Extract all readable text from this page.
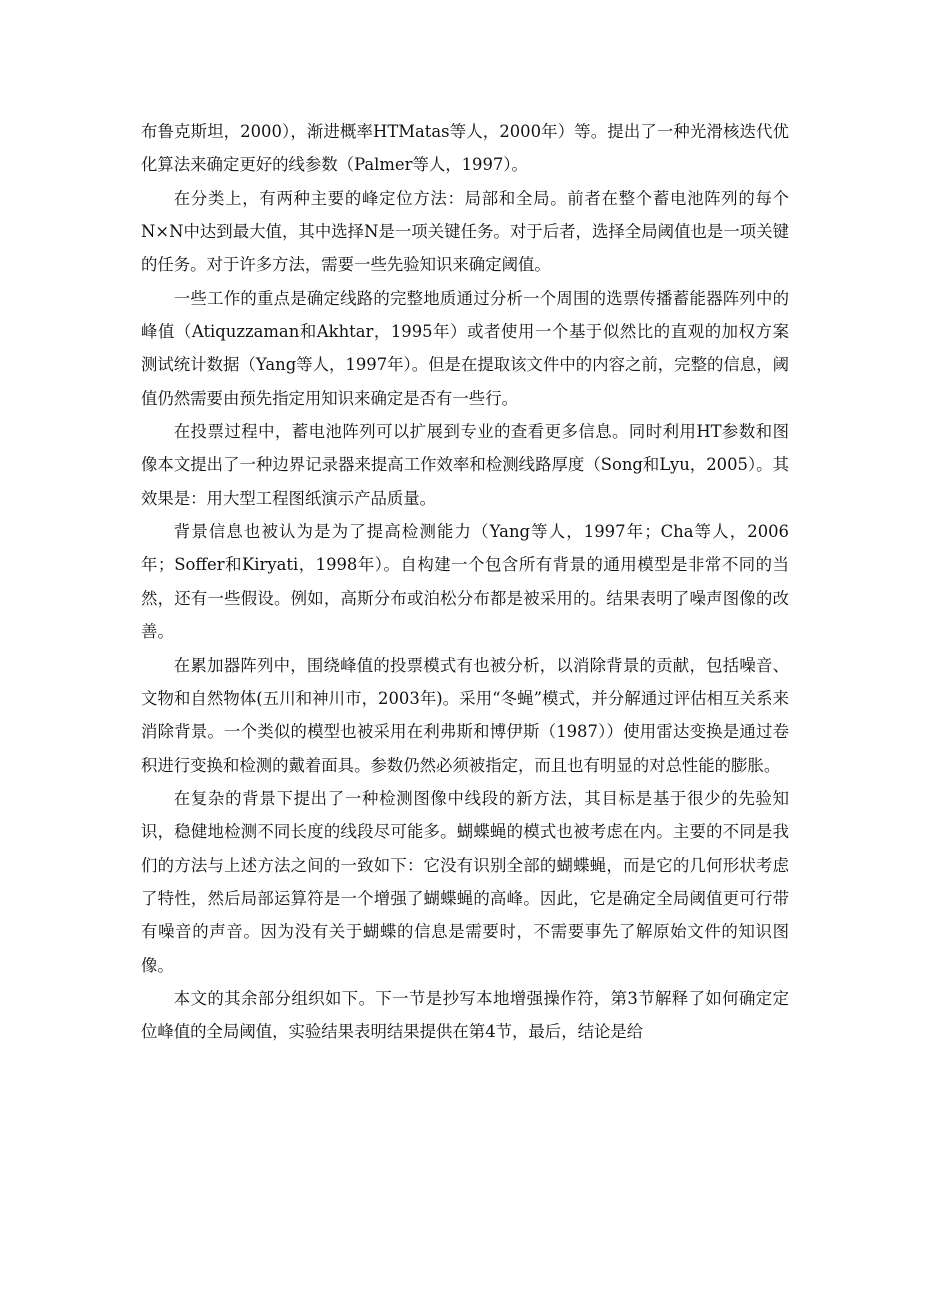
布鲁克斯坦，2000），渐进概率HTMatas等人，2000年）等。提出了一种光滑核迭代优化算法来确定更好的线参数（Palmer等人，1997）。

在分类上，有两种主要的峰定位方法：局部和全局。前者在整个蓄电池阵列的每个N×N中达到最大值，其中选择N是一项关键任务。对于后者，选择全局阈值也是一项关键的任务。对于许多方法，需要一些先验知识来确定阈值。

一些工作的重点是确定线路的完整地质通过分析一个周围的选票传播蓄能器阵列中的峰值（Atiquzzaman和Akhtar，1995年）或者使用一个基于似然比的直观的加权方案测试统计数据（Yang等人，1997年）。但是在提取该文件中的内容之前，完整的信息，阈值仍然需要由预先指定用知识来确定是否有一些行。

在投票过程中，蓄电池阵列可以扩展到专业的查看更多信息。同时利用HT参数和图像本文提出了一种边界记录器来提高工作效率和检测线路厚度（Song和Lyu，2005）。其效果是：用大型工程图纸演示产品质量。

背景信息也被认为是为了提高检测能力（Yang等人，1997年；Cha等人，2006年；Soffer和Kiryati，1998年）。自构建一个包含所有背景的通用模型是非常不同的当然，还有一些假设。例如，高斯分布或泊松分布都是被采用的。结果表明了噪声图像的改善。

在累加器阵列中，围绕峰值的投票模式有也被分析，以消除背景的贡献，包括噪音、文物和自然物体(五川和神川市，2003年)。采用“冬蝇”模式，并分解通过评估相互关系来消除背景。一个类似的模型也被采用在利弗斯和博伊斯（1987））使用雷达变换是通过卷积进行变换和检测的戴着面具。参数仍然必须被指定，而且也有明显的对总性能的膨胀。

在复杂的背景下提出了一种检测图像中线段的新方法，其目标是基于很少的先验知识，稳健地检测不同长度的线段尽可能多。蝴蝶蝇的模式也被考虑在内。主要的不同是我们的方法与上述方法之间的一致如下：它没有识别全部的蝴蝶蝇，而是它的几何形状考虑了特性，然后局部运算符是一个增强了蝴蝶蝇的高峰。因此，它是确定全局阈值更可行带有噪音的声音。因为没有关于蝴蝶的信息是需要时，不需要事先了解原始文件的知识图像。

本文的其余部分组织如下。下一节是抄写本地增强操作符，第3节解释了如何确定定位峰值的全局阈值，实验结果表明结果提供在第4节，最后，结论是给
